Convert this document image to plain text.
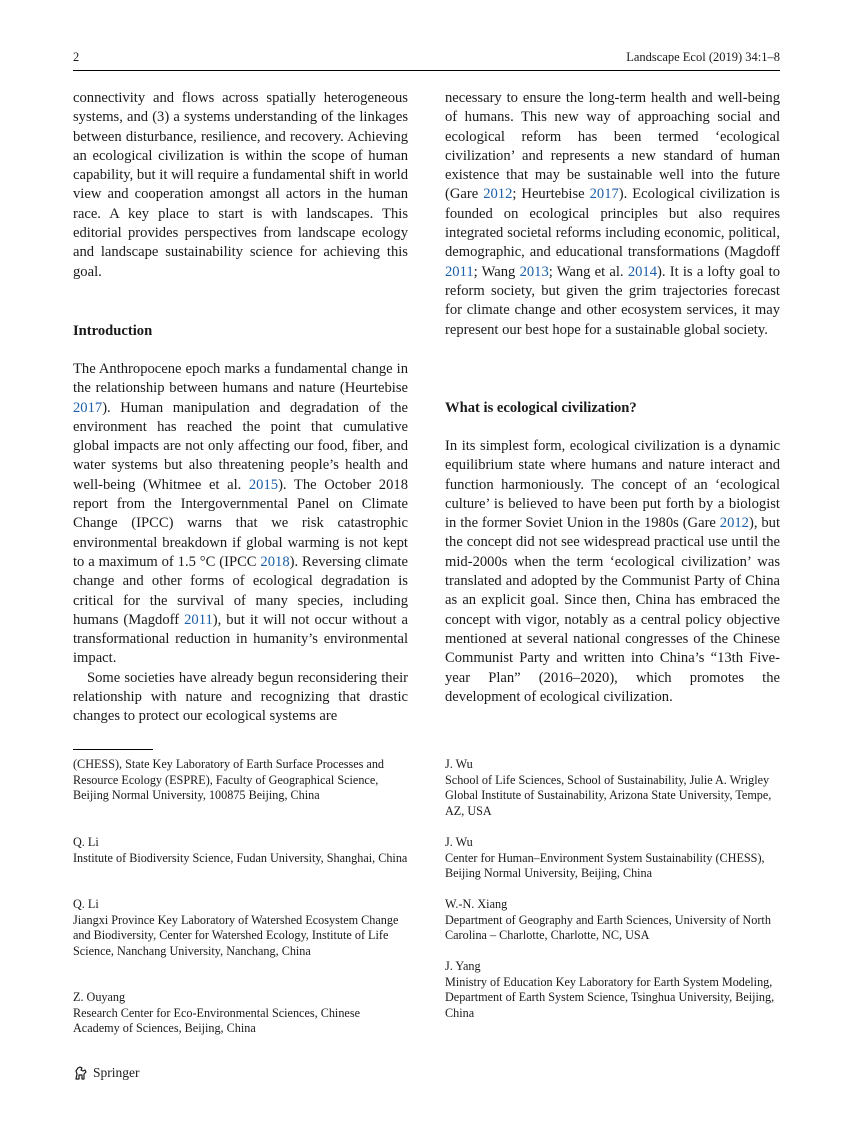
2	Landscape Ecol (2019) 34:1–8

connectivity and flows across spatially heterogeneous systems, and (3) a systems understanding of the linkages between disturbance, resilience, and recovery. Achieving an ecological civilization is within the scope of human capability, but it will require a fundamental shift in world view and cooperation amongst all actors in the human race. A key place to start is with landscapes. This editorial provides perspectives from landscape ecology and landscape sustainability science for achieving this goal.

Introduction

The Anthropocene epoch marks a fundamental change in the relationship between humans and nature (Heurtebise 2017). Human manipulation and degradation of the environment has reached the point that cumulative global impacts are not only affecting our food, fiber, and water systems but also threatening people’s health and well-being (Whitmee et al. 2015). The October 2018 report from the Intergovernmental Panel on Climate Change (IPCC) warns that we risk catastrophic environmental breakdown if global warming is not kept to a maximum of 1.5 °C (IPCC 2018). Reversing climate change and other forms of ecological degradation is critical for the survival of many species, including humans (Magdoff 2011), but it will not occur without a transformational reduction in humanity’s environmental impact.

Some societies have already begun reconsidering their relationship with nature and recognizing that drastic changes to protect our ecological systems are

necessary to ensure the long-term health and well-being of humans. This new way of approaching social and ecological reform has been termed ‘ecological civilization’ and represents a new standard of human existence that may be sustainable well into the future (Gare 2012; Heurtebise 2017). Ecological civilization is founded on ecological principles but also requires integrated societal reforms including economic, political, demographic, and educational transformations (Magdoff 2011; Wang 2013; Wang et al. 2014). It is a lofty goal to reform society, but given the grim trajectories forecast for climate change and other ecosystem services, it may represent our best hope for a sustainable global society.

What is ecological civilization?

In its simplest form, ecological civilization is a dynamic equilibrium state where humans and nature interact and function harmoniously. The concept of an ‘ecological culture’ is believed to have been put forth by a biologist in the former Soviet Union in the 1980s (Gare 2012), but the concept did not see widespread practical use until the mid-2000s when the term ‘ecological civilization’ was translated and adopted by the Communist Party of China as an explicit goal. Since then, China has embraced the concept with vigor, notably as a central policy objective mentioned at several national congresses of the Chinese Communist Party and written into China’s “13th Five-year Plan” (2016–2020), which promotes the development of ecological civilization.

(CHESS), State Key Laboratory of Earth Surface Processes and Resource Ecology (ESPRE), Faculty of Geographical Science, Beijing Normal University, 100875 Beijing, China
Q. Li
Institute of Biodiversity Science, Fudan University, Shanghai, China
Q. Li
Jiangxi Province Key Laboratory of Watershed Ecosystem Change and Biodiversity, Center for Watershed Ecology, Institute of Life Science, Nanchang University, Nanchang, China
Z. Ouyang
Research Center for Eco-Environmental Sciences, Chinese Academy of Sciences, Beijing, China
J. Wu
School of Life Sciences, School of Sustainability, Julie A. Wrigley Global Institute of Sustainability, Arizona State University, Tempe, AZ, USA
J. Wu
Center for Human–Environment System Sustainability (CHESS), Beijing Normal University, Beijing, China
W.-N. Xiang
Department of Geography and Earth Sciences, University of North Carolina – Charlotte, Charlotte, NC, USA
J. Yang
Ministry of Education Key Laboratory for Earth System Modeling, Department of Earth System Science, Tsinghua University, Beijing, China
Springer
